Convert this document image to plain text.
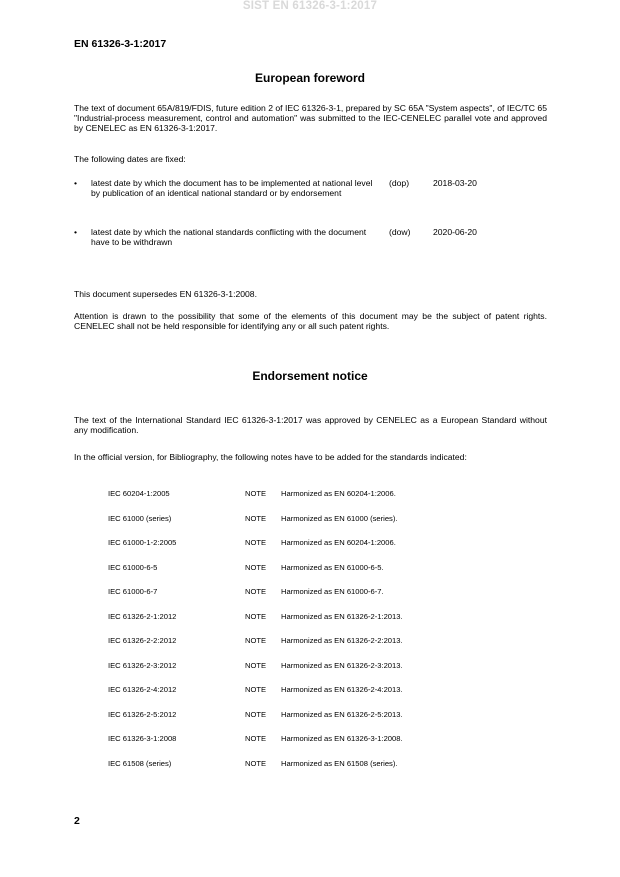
SIST EN 61326-3-1:2017
EN 61326-3-1:2017
European foreword

The text of document 65A/819/FDIS, future edition 2 of IEC 61326-3-1, prepared by SC 65A "System aspects", of IEC/TC 65 "Industrial-process measurement, control and automation" was submitted to the IEC-CENELEC parallel vote and approved by CENELEC as EN 61326-3-1:2017.

The following dates are fixed:

•	latest date by which the document has to be implemented at national level by publication of an identical national standard or by endorsement
(dop)	2018-03-20
•	latest date by which the national standards conflicting with the document have to be withdrawn
(dow)	2020-06-20

This document supersedes EN 61326-3-1:2008.

Attention is drawn to the possibility that some of the elements of this document may be the subject of patent rights. CENELEC shall not be held responsible for identifying any or all such patent rights.

Endorsement notice

The text of the International Standard IEC 61326-3-1:2017 was approved by CENELEC as a European Standard without any modification.

In the official version, for Bibliography, the following notes have to be added for the standards indicated:

IEC 60204-1:2005	NOTE Harmonized as EN 60204-1:2006.
IEC 61000 (series)	NOTE Harmonized as EN 61000 (series).
IEC 61000-1-2:2005	NOTE Harmonized as EN 60204-1:2006.
IEC 61000-6-5	NOTE Harmonized as EN 61000-6-5.
IEC 61000-6-7	NOTE Harmonized as EN 61000-6-7.
IEC 61326-2-1:2012	NOTE Harmonized as EN 61326-2-1:2013.
IEC 61326-2-2:2012	NOTE Harmonized as EN 61326-2-2:2013.
IEC 61326-2-3:2012	NOTE Harmonized as EN 61326-2-3:2013.
IEC 61326-2-4:2012	NOTE Harmonized as EN 61326-2-4:2013.
IEC 61326-2-5:2012	NOTE Harmonized as EN 61326-2-5:2013.
IEC 61326-3-1:2008	NOTE Harmonized as EN 61326-3-1:2008.
IEC 61508 (series)	NOTE Harmonized as EN 61508 (series).
2
